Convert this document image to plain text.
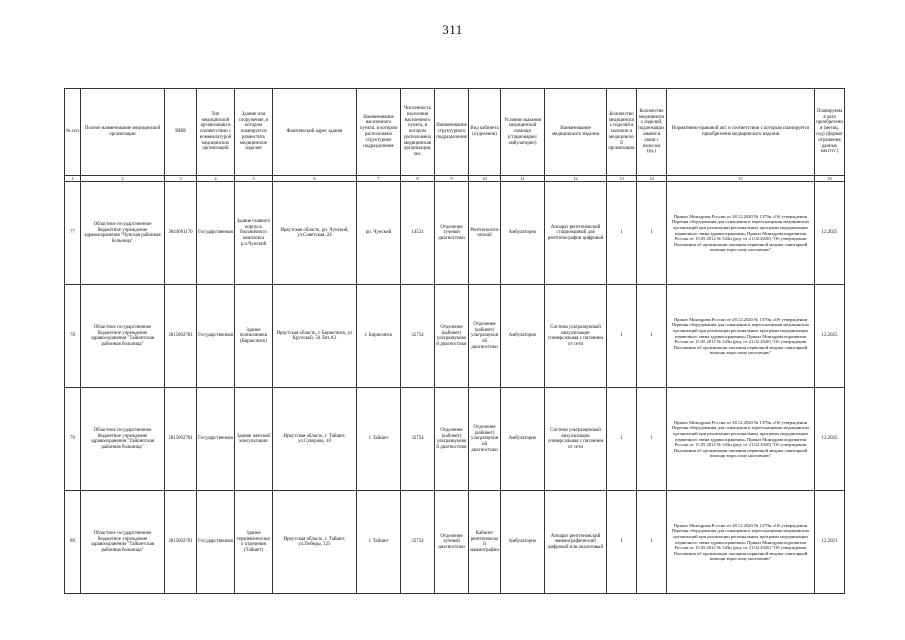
311
№ п/п	Полное наименование медицинской организации	ИНН	Тип медицинской организации в соответствии с номенклатурой медицинских организаций	Здание или сооружение, в котором планируется разместить медицинское изделие	Фактический адрес здания	Наименование населенного пункта, в котором расположено структурное подразделение	Численность населения населенного пункта, в котором расположена медицинская организация, чел.	Наименование структурного подразделения	Вид кабинета (отделения)	Условия оказания медицинской помощи (стационарно/амбулаторно)	Наименование медицинского изделия	Количество медицинских изделий в наличии в медицинской организации	Количество медицинских изделий, подлежащих замене в связи с износом (ед.)	Нормативно-правовой акт, в соответствии с которым планируется приобретение медицинского изделия	Планируемая дата приобретения (месяц, год) (формат отражения данных мм.гггг.)
1	2	3	4	5	6	7	8	9	10	11	12	13	14	15	16
77	Областное государственное бюджетное учреждение здравоохранения "Чунская районная больница"	3844001170	Государственная	Здание главного корпуса больничного комплекса р.п.Чунский	Иркутская область, рп. Чунский, ул.Советская, 24	рп. Чунский	14521	Отделение лучевой диагностики	Рентгенологический	Амбулаторно	Аппарат рентгеновский стационарный для рентгенографии цифровой	1	1	Приказ Минздрава России от 28.12.2020 № 1379н «Об утверждении Перечня оборудования для оснащения и переоснащения медицинских организаций при реализации региональных программ модернизации первичного звена здравоохранения» Приказ Минздравсоцразвития России от 15.05.2012 № 543н (ред. от 21.02.2020) "Об утверждении Положения об организации оказания первичной медико-санитарной помощи взрослому населению"	12.2025
78	Областное государственное бюджетное учреждение здравоохранения "Тайшетская районная больница"	3815002781	Государственная	Здание поликлиники (Бирюсинск)	Иркутская область, г. Бирюсинск, ул Крупской, 50 Лит.А3	г. Бирюсинск	32754	Отделение (кабинет) ультразвуковой диагностики	Отделение (кабинет) ультразвуковой диагностики	Амбулаторно	Система ультразвуковой визуализации универсальная с питанием от сети	1	1	Приказ Минздрава России от 28.12.2020 № 1379н «Об утверждении Перечня оборудования для оснащения и переоснащения медицинских организаций при реализации региональных программ модернизации первичного звена здравоохранения» Приказ Минздравсоцразвития России от 15.05.2012 № 543н (ред. от 21.02.2020) "Об утверждении Положения об организации оказания первичной медико-санитарной помощи взрослому населению"	12.2025
79	Областное государственное бюджетное учреждение здравоохранения "Тайшетская районная больница"	3815002781	Государственная	Здание женской консультации	Иркутская область, г. Тайшет, ул.Суворова, 10	г. Тайшет	32754	Отделение (кабинет) ультразвуковой диагностики	Отделение (кабинет) ультразвуковой диагностики	Амбулаторно	Система ультразвуковой визуализации универсальная с питанием от сети	1	1	Приказ Минздрава России от 28.12.2020 № 1379н «Об утверждении Перечня оборудования для оснащения и переоснащения медицинских организаций при реализации региональных программ модернизации первичного звена здравоохранения» Приказ Минздравсоцразвития России от 15.05.2012 № 543н (ред. от 21.02.2020) "Об утверждении Положения об организации оказания первичной медико-санитарной помощи взрослому населению"	12.2025
80	Областное государственное бюджетное учреждение здравоохранения "Тайшетская районная больница"	3815002781	Государственная	Здание терапевтического отделения (Тайшет)	Иркутская область, г. Тайшет, ул.Победы, 125	г. Тайшет	32754	Отделение лучевой диагностики	Кабинет рентгеновской маммографии	Амбулаторно	Аппарат рентгеновский маммографический цифровой или аналоговый	1	1	Приказ Минздрава России от 28.12.2020 № 1379н «Об утверждении Перечня оборудования для оснащения и переоснащения медицинских организаций при реализации региональных программ модернизации первичного звена здравоохранения» Приказ Минздравсоцразвития России от 15.05.2012 № 543н (ред. от 21.02.2020) "Об утверждении Положения об организации оказания первичной медико-санитарной помощи взрослому населению"	12.2021
